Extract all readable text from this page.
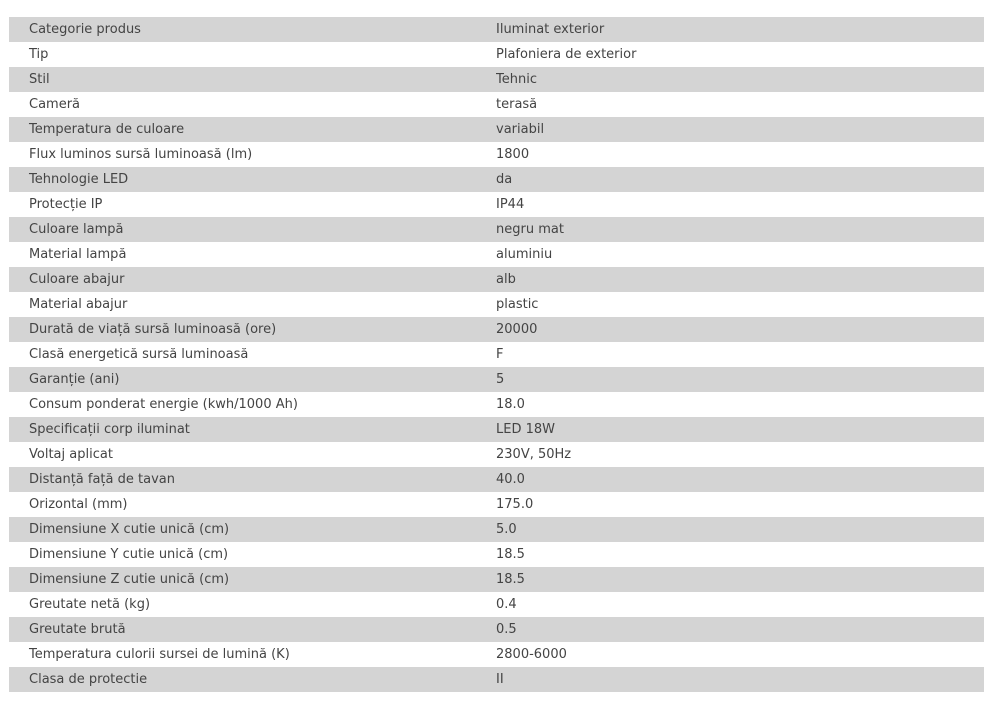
Categorie produs	Iluminat exterior
Tip	Plafoniera de exterior
Stil	Tehnic
Cameră	terasă
Temperatura de culoare	variabil
Flux luminos sursă luminoasă (lm)	1800
Tehnologie LED	da
Protecție IP	IP44
Culoare lampă	negru mat
Material lampă	aluminiu
Culoare abajur	alb
Material abajur	plastic
Durată de viață sursă luminoasă (ore)	20000
Clasă energetică sursă luminoasă	F
Garanție (ani)	5
Consum ponderat energie (kwh/1000 Ah)	18.0
Specificații corp iluminat	LED 18W
Voltaj aplicat	230V, 50Hz
Distanță față de tavan	40.0
Orizontal (mm)	175.0
Dimensiune X cutie unică (cm)	5.0
Dimensiune Y cutie unică (cm)	18.5
Dimensiune Z cutie unică (cm)	18.5
Greutate netă (kg)	0.4
Greutate brută	0.5
Temperatura culorii sursei de lumină (K)	2800-6000
Clasa de protectie	II
